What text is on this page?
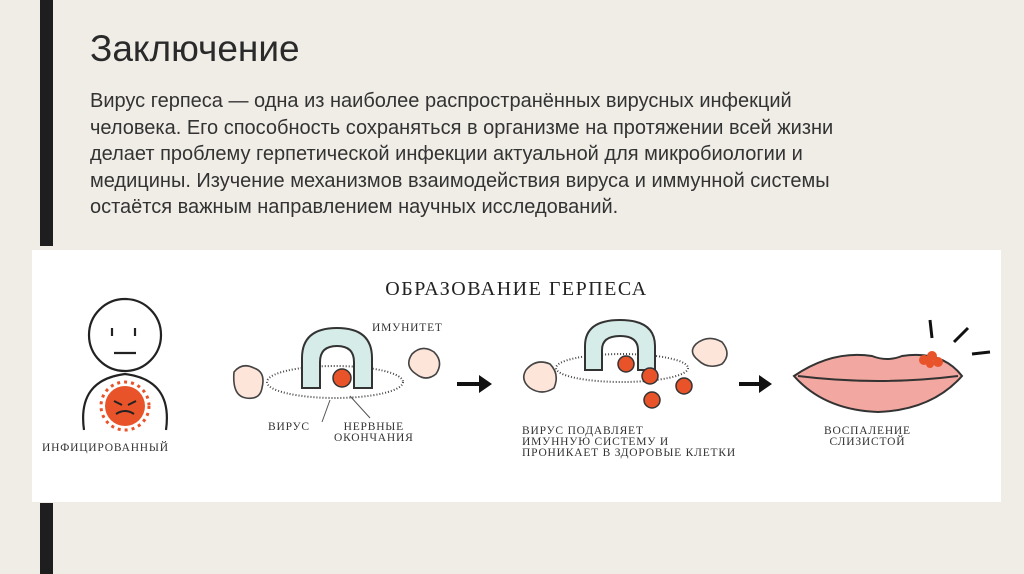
Заключение
Вирус герпеса — одна из наиболее распространённых вирусных инфекций
человека. Его способность сохраняться в организме на протяжении всей жизни
делает проблему герпетической инфекции актуальной для микробиологии и
медицины. Изучение механизмов взаимодействия вируса и иммунной системы
остаётся важным направлением научных исследований.
ОБРАЗОВАНИЕ ГЕРПЕСА
ИНФИЦИРОВАННЫЙ
ИМУНИТЕТ
ВИРУС	НЕРВНЫЕ
ОКОНЧАНИЯ
ВИРУС ПОДАВЛЯЕТ
ИМУННУЮ СИСТЕМУ И
ПРОНИКАЕТ В ЗДОРОВЫЕ КЛЕТКИ
ВОСПАЛЕНИЕ
СЛИЗИСТОЙ
